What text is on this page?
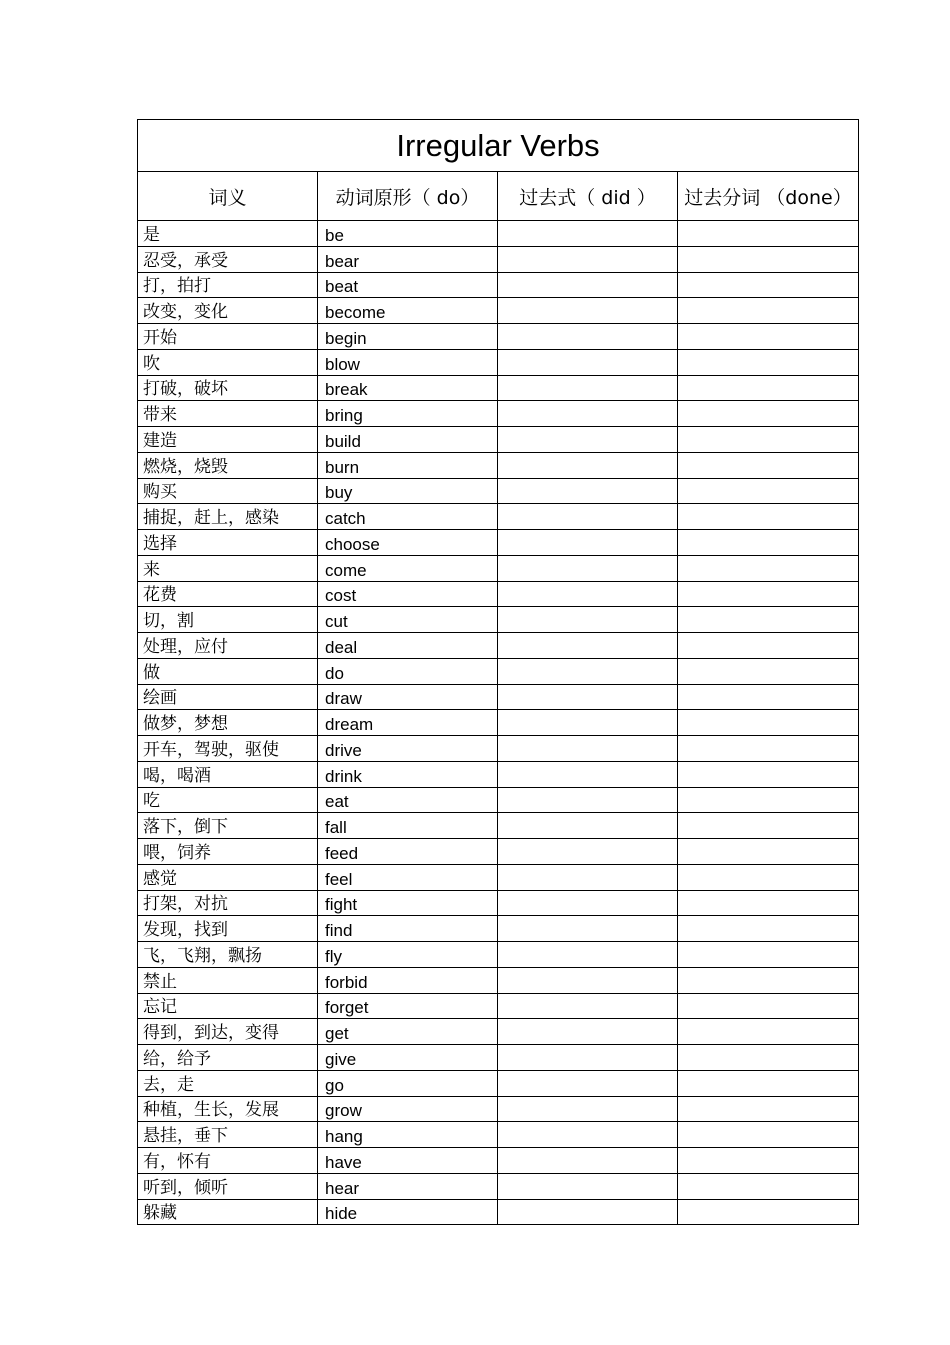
Irregular Verbs			
词义	动词原形（ do）	过去式（ did ）	过去分词 （done）
是	be		
忍受，承受	bear		
打，拍打	beat		
改变，变化	become		
开始	begin		
吹	blow		
打破，破坏	break		
带来	bring		
建造	build		
燃烧，烧毁	burn		
购买	buy		
捕捉，赶上，感染	catch		
选择	choose		
来	come		
花费	cost		
切，割	cut		
处理，应付	deal		
做	do		
绘画	draw		
做梦，梦想	dream		
开车，驾驶，驱使	drive		
喝，喝酒	drink		
吃	eat		
落下，倒下	fall		
喂，饲养	feed		
感觉	feel		
打架，对抗	fight		
发现，找到	find		
飞，飞翔，飘扬	fly		
禁止	forbid		
忘记	forget		
得到，到达，变得	get		
给，给予	give		
去，走	go		
种植，生长，发展	grow		
悬挂，垂下	hang		
有，怀有	have		
听到，倾听	hear		
躲藏	hide		
